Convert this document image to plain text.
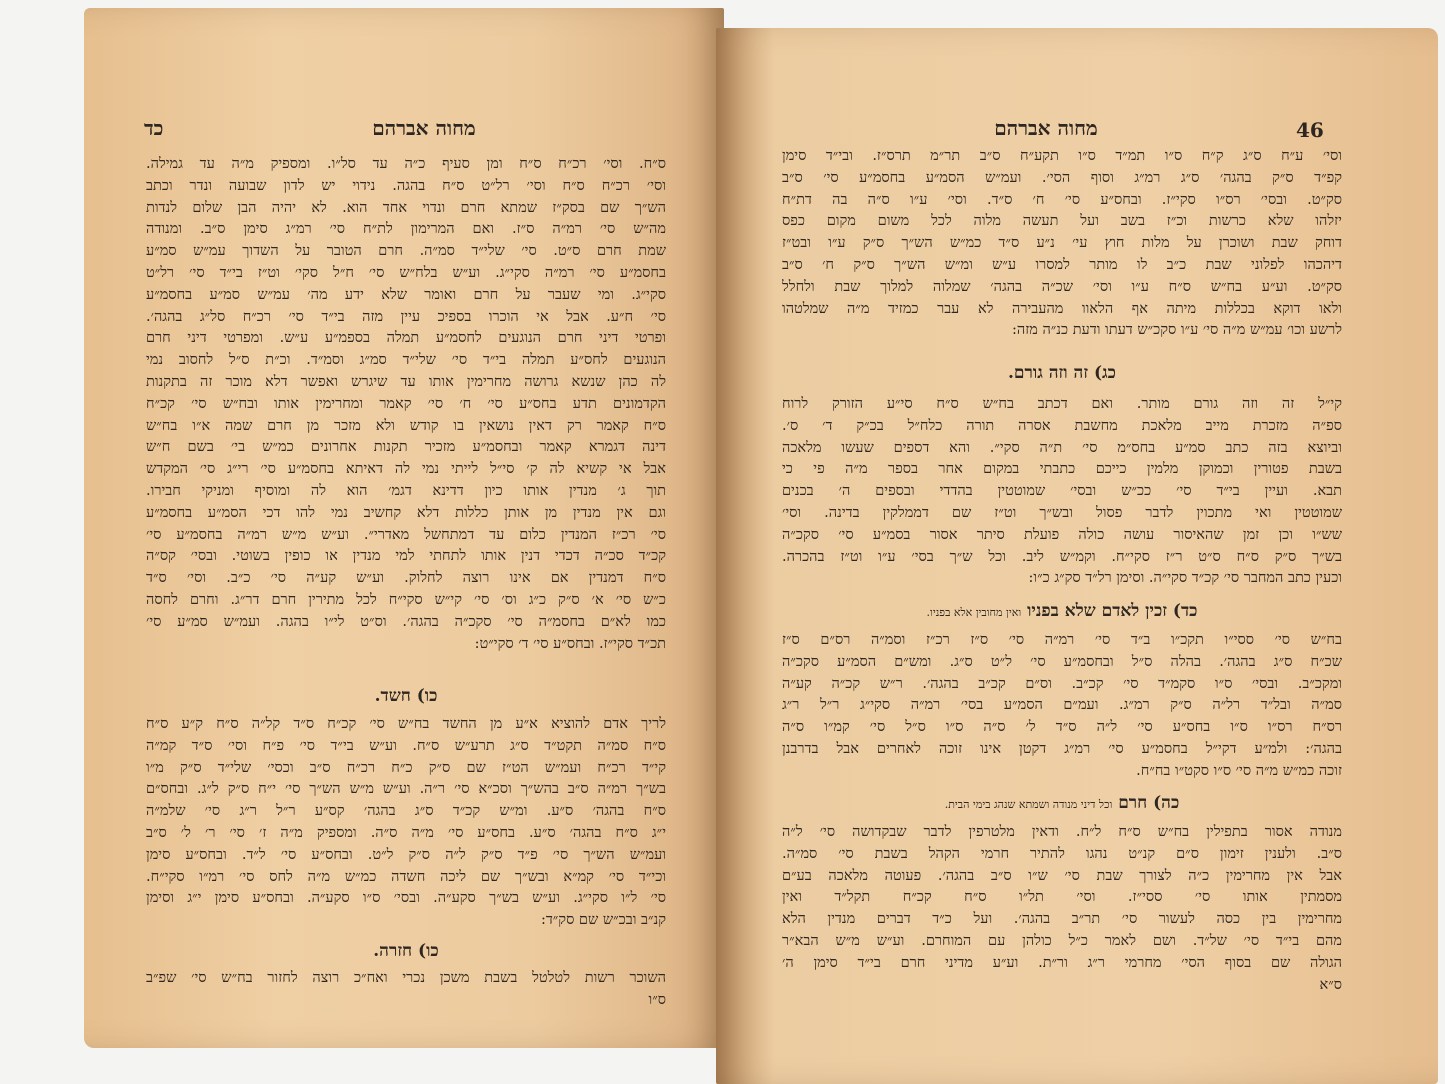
כד	מחוה אברהם
ס״ח. וסי׳ רכ״ח ס״ח ומן סעיף כ״ה עד סל״ו. ומספיק מ״ה עד גמילה.
וסי׳ רכ״ח ס״ח וסי׳ רל״ט ס״ח בהגה. נידוי יש לדון שבועה ונדר וכתב
הש״ך שם בסק״ז שמתא חרם ונדוי אחד הוא. לא יהיה הבן שלום לנדות
מה״ש סי׳ רמ״ה ס״ז. ואם המרימון לת״ח סי׳ רמ״ג סימן ס״ב. ומנודה
שמת חרם ס״ט. סי׳ שלי״ד סמ״ה. חרם הטובר על השדוך עמ״ש סמ״ע
בחסמ״ע סי׳ רמ״ה סקי״ג. וע״ש בלח״ש סי׳ ח״ל סקי׳ וט״ז בי״ד סי׳ רל״ט
סקי״ג. ומי שעבר על חרם ואומר שלא ידע מה׳ עמ״ש סמ״ע בחסמ״ע
סי׳ ח״ע. אבל אי הוכרו בספיכ עיין מזה בי״ד סי׳ רכ״ח סל״ג בהגה׳.
ופרטי דיני חרם הנוגעים לחסמ״ע תמלה בספמ״ע ע״ש. ומפרטי דיני חרם
הנוגעים לחס״ע תמלה בי״ד סי׳ שלי״ד סמ״ג וסמ״ד. וכ״ת ס״ל לחסוב נמי
לה כהן שנשא גרושה מחרימין אותו עד שיגרש ואפשר דלא מוכר זה בתקנות
הקדמונים תדע בחס״ע סי׳ ח׳ סי׳ קאמר ומחרימין אותו ובח״ש סי׳ קכ״ח
ס״ח קאמר רק דאין נושאין בו קודש ולא מזכר מן חרם שמה א״ו בח״ש
דינה דגמרא קאמר ובחסמ״ע מזכיר תקנות אחרונים כמ״ש בי׳ בשם ח״ש
אבל אי קשיא לה ק׳ סי״ל לייתי נמי לה דאיתא בחסמ״ע סי׳ רי״ג סי׳ המקדש
תוך ג׳ מנדין אותו כיון דדינא דגמ׳ הוא לה ומוסיף ומניקי חבירו.
וגם אין מנדין מן אותן כללות דלא קחשיב נמי להו דכי הסמ״ע בחסמ״ע
סי׳ רכ״ז המנדין כלום עד דמתחשל מאדרי״. וע״ש מ״ש רמ״ה בחסמ״ע סי׳
קכ״ד סכ״ה דכדי דנין אותו לתחתי למי מנדין או כופין בשוטי. ובסי׳ קס״ה
ס״ח דמנדין אם אינו רוצה לחלוק. וע״ש קע״ה סי׳ כ״ב. וסי׳ ס״ד
כ״ש סי׳ א׳ ס״ק כ״ג וס׳ סי׳ קי״ש סקי״ח לכל מתירין חרם דר״ג. וחרם לחסה
כמו לא״ם בחסמ״ה סי׳ סקכ״ה בהגה׳. וס״ט לי״ו בהגה. ועמ״ש סמ״ע סי׳
תכ״ד סקי״ז. ובחס״ע סי׳ ד׳ סקי״ט:
כו) חשד.
לריך אדם להוציא א״ע מן החשד בח״ש סי׳ קכ״ח ס״ד קל״ה ס״ח ק״ע ס״ח
ס״ח סמ״ה תקט״ד ס״ג תרע״ש ס״ח. וע״ש בי״ד סי׳ פ״ח וסי׳ ס״ד קמ״ה
קי״ד רכ״ח ועמ״ש הט״ז שם ס״ק כ״ח רכ״ח ס״ב וכסי׳ שלי״ד ס״ק מ״ו
בש״ך רמ״ה ס״ב בהש״ך וסכ״א סי׳ ר״ה. וע״ש מ״ש הש״ך סי׳ י״ח ס״ק ל״ג. ובחס״ם
ס״ח בהגה׳ ס״ע. ומ״ש קכ״ד ס״ג בהגה׳ קס״ע ר״ל ר״ג סי׳ שלמ״ה
י״ג ס״ח בהגה׳ ס״ע. בחס״ע סי׳ מ״ה ס״ה. ומספיק מ״ה ז׳ סי׳ ר׳ ל׳ ס״ב
ועמ״ש הש״ך סי׳ פ״ד ס״ק ל״ה ס״ק ל״ט. ובחס״ע סי׳ ל״ד. ובחס״ע סימן
וכי״ד סי׳ קמ״א ובש״ך שם ליכה חשדה כמ״ש מ״ה לחס סי׳ רמ״ו סקי״ח.
סי׳ ל״ו סקי״ג. וע״ש בש״ך סקע״ה. ובסי׳ ס״ו סקע״ה. ובחס״ע סימן י״ג וסימן
קנ״ב ובכ״ש שם סק״ד:
כו) חזרה.
השוכר רשות לטלטל בשבת משכן נכרי ואח״כ רוצה לחזור בח״ש סי׳ שפ״ב
ס״ו
46
מחוה אברהם
וסי׳ ע״ח ס״ג ק״ח ס״ו תמ״ד ס״ו תקע״ח ס״ב תר״מ תרס״ז. ובי״ד סימן
קפ״ד ס״ק בהגה׳ ס״ג רמ״ג וסוף הסי׳. ועמ״ש הסמ״ע בחסמ״ע סי׳ ס״ב
סק״ט. ובסי׳ רס״ו סקי״ז. ובחס״ע סי׳ ח׳ ס״ד. וסי׳ ע״ו ס״ה בה דת״ח
יזלהו שלא כרשות וכ״ז בשב ועל תעשה מלוה לכל משום מקום כפס
דוחק שבת ושוכרן על מלות חוץ עי׳ נ״ע ס״ד כמ״ש הש״ך ס״ק ע״ו ובט״ז
דיהכהו לפלוני שבת כ״ב לו מותר למסרו ע״ש ומ״ש הש״ך ס״ק ח׳ ס״ב
סק״ט. וע״ע בח״ש ס״ח ע״ו וסי׳ שכ״ה בהגה׳ שמלוה למלוך שבת ולחלל
ולאו דוקא בכללות מיתה אף הלאוו מהעבירה לא עבר כמזיד מ״ה שמלטהו
לרשע וכו׳ עמ״ש מ״ה סי׳ ע״ו סקכ״ש דעתו ודעת כנ״ה מזה:
כג) זה וזה גורם.
קי״ל זה וזה גורם מותר. ואם דכתב בח״ש ס״ח סי״ע הזורק לרוח
ספ״ה מזכרת מייב מלאכת מחשבת אסרה תורה כלח״ל בכ״ק ד׳ ס׳.
וביוצא בזה כתב סמ״ע בחס״מ סי׳ ת״ה סקי״. והא דספים שעשו מלאכה
בשבת פטורין וכמוקן מלמין כייכם כתבתי במקום אחר בספר מ״ה פי כי
תבא. ועיין בי״ד סי׳ ככ״ש ובסי׳ שמוטטין בהדדי ובספים ה׳ בכנים
שמוטטין ואי מתכוין לדבר פסול ובש״ך וט״ז שם דממלקין בדינה. וסי׳
שש״ו וכן זמן שהאיסור עושה כולה פועלת סיתר אסור בסמ״ע סי׳ סקכ״ה
בש״ך ס״ק ס״ח ס״ט ר״ז סקי״ח. וקמ״ש ליב. וכל ש״ך בסי׳ ע״ו וט״ז בהכרה.
וכעין כתב המחבר סי׳ קכ״ד סקי״ה. וסימן רל״ד סק״ג כ״ו:
כד) זכין לאדם שלא בפניו ואין מחובין אלא בפניו.
בח״ש סי׳ ססי״ו תקכ״ו ב״ד סי׳ רמ״ה סי׳ ס״ז רכ״ז וסמ״ה רס״ם ס״ז
שכ״ח ס״ג בהגה׳. בהלה ס״ל ובחסמ״ע סי׳ ל״ט ס״ג. ומש״ם הסמ״ע סקכ״ה
ומקכ״ב. ובסי׳ ס״ו סקמ״ד סי׳ קכ״ב. וס״ם קכ״ב בהגה׳. ר״ש קכ״ה קע״ה
סמ״ה ובל״ד רל״ה ס״ק רמ״ג. ועמ״ם הסמ״ע בסי׳ רמ״ה סקי״ג ר״ל ר״ג
רס״ח רס״ו ס״ו בחס״ע סי׳ ל״ה ס״ד ל׳ ס״ה ס״ו ס״ל סי׳ קמ״ו ס״ה
בהגה׳: ולמ״ע דקי״ל בחסמ״ע סי׳ רמ״ג דקטן אינו זוכה לאחרים אבל בדרבנן
זוכה כמ״ש מ״ה סי׳ ס״ו סקט״ו בח״ח.
כה) חרם וכל דיני מנודה ושמתא שנהג בימי הבית.
מנודה אסור בתפילין בח״ש ס״ח ל״ח. ודאין מלטרפין לדבר שבקדושה סי׳ ל״ה
ס״ב. ולענין זימון ס״ם קנ״ט נהגו להתיר חרמי הקהל בשבת סי׳ סמ״ה.
אבל אין מחרימין כ״ה לצורך שבת סי׳ ש״ו ס״ב בהגה׳. פעוטה מלאכה בע״ם
מסמתין אותו סי׳ ססי״ז. וסי׳ תל״ו ס״ח קכ״ח תקל״ד ואין
מחרימין בין כסה לעשור סי׳ תר״ב בהגה׳. ועל כ״ד דברים מנדין הלא
מהם בי״ד סי׳ של״ד. ושם לאמר כ״ל כולהן עם המוחרם. וע״ש מ״ש הבא״ר
הגולה שם בסוף הסי׳ מחרמי ר״ג ור״ת. וע״ע מדיני חרם בי״ד סימן ה׳
ס״א
